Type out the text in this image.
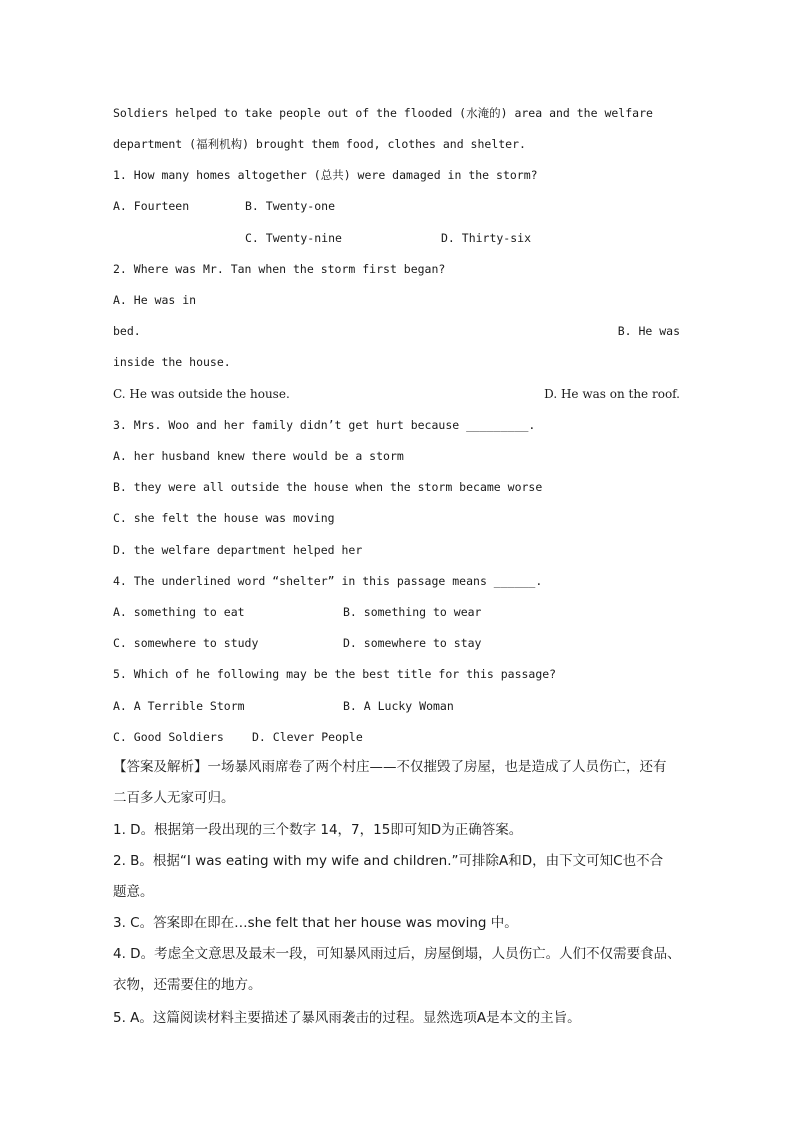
Soldiers helped to take people out of the flooded (水淹的) area and the welfare
department (福利机构) brought them food, clothes and shelter.
1. How many homes altogether (总共) were damaged in the storm?
A. Fourteen	B. Twenty-one
C. Twenty-nine	D. Thirty-six
2. Where was Mr. Tan when the storm first began?
A. He was in
bed.	B. He was
inside the house.
C. He was outside the house.	D. He was on the roof.
3. Mrs. Woo and her family didn’t get hurt because _________.
A. her husband knew there would be a storm
B. they were all outside the house when the storm became worse
C. she felt the house was moving
D. the welfare department helped her
4. The underlined word “shelter” in this passage means ______.
A. something to eat	B. something to wear
C. somewhere to study	D. somewhere to stay
5. Which of he following may be the best title for this passage?
A. A Terrible Storm	B. A Lucky Woman
C. Good Soldiers D. Clever People
【答案及解析】一场暴风雨席卷了两个村庄——不仅摧毁了房屋，也是造成了人员伤亡，还有
二百多人无家可归。
1. D。根据第一段出现的三个数字 14，7，15即可知D为正确答案。
2. B。根据“I was eating with my wife and children.”可排除A和D，由下文可知C也不合
题意。
3. C。答案即在即在…she felt that her house was moving 中。
4. D。考虑全文意思及最末一段，可知暴风雨过后，房屋倒塌，人员伤亡。人们不仅需要食品、
衣物，还需要住的地方。
5. A。这篇阅读材料主要描述了暴风雨袭击的过程。显然选项A是本文的主旨。
